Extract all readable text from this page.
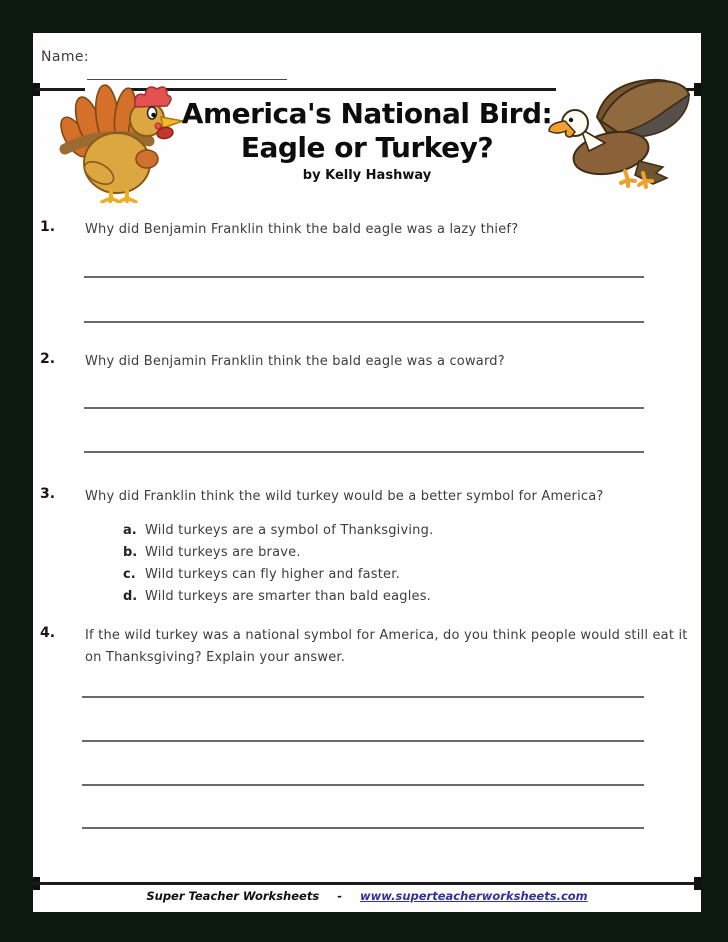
Name:
America's National Bird:
Eagle or Turkey?
by Kelly Hashway
1. Why did Benjamin Franklin think the bald eagle was a lazy thief?
2. Why did Benjamin Franklin think the bald eagle was a coward?
3. Why did Franklin think the wild turkey would be a better symbol for America?
a. Wild turkeys are a symbol of Thanksgiving.
b. Wild turkeys are brave.
c. Wild turkeys can fly higher and faster.
d. Wild turkeys are smarter than bald eagles.
4. If the wild turkey was a national symbol for America, do you think people would still eat it on Thanksgiving? Explain your answer.
Super Teacher Worksheets - www.superteacherworksheets.com
